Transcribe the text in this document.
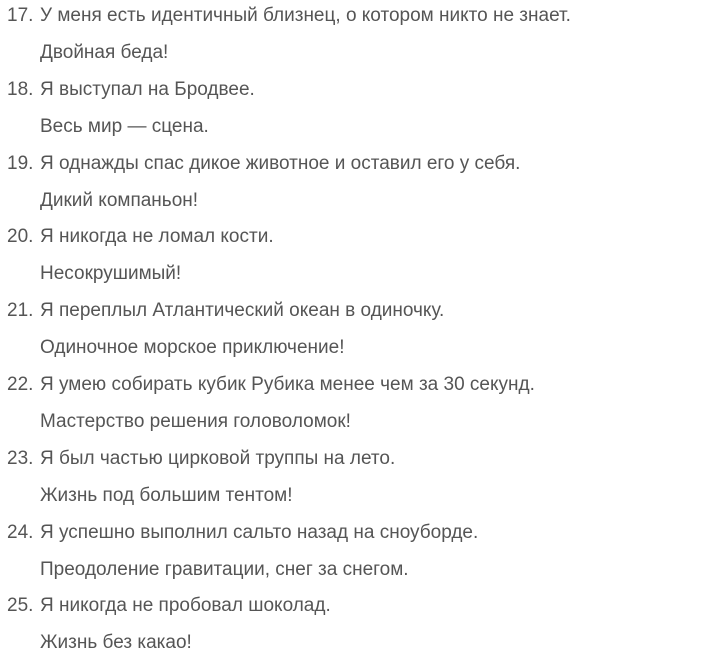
17. У меня есть идентичный близнец, о котором никто не знает.
Двойная беда!
18. Я выступал на Бродвее.
Весь мир — сцена.
19. Я однажды спас дикое животное и оставил его у себя.
Дикий компаньон!
20. Я никогда не ломал кости.
Несокрушимый!
21. Я переплыл Атлантический океан в одиночку.
Одиночное морское приключение!
22. Я умею собирать кубик Рубика менее чем за 30 секунд.
Мастерство решения головоломок!
23. Я был частью цирковой труппы на лето.
Жизнь под большим тентом!
24. Я успешно выполнил сальто назад на сноуборде.
Преодоление гравитации, снег за снегом.
25. Я никогда не пробовал шоколад.
Жизнь без какао!
